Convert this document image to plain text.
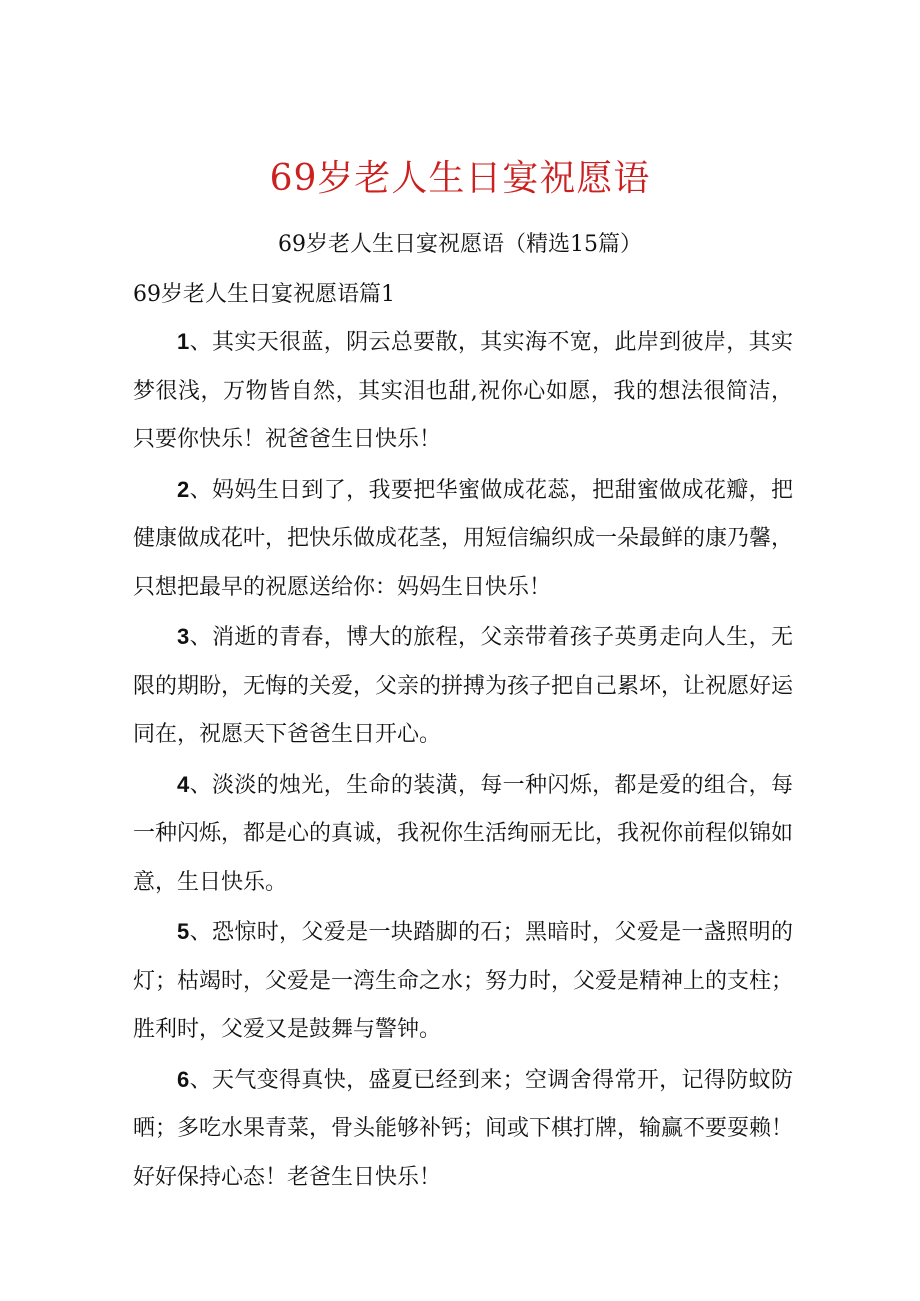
69岁老人生日宴祝愿语
69岁老人生日宴祝愿语（精选15篇）
69岁老人生日宴祝愿语篇1

1、其实天很蓝，阴云总要散，其实海不宽，此岸到彼岸，其实梦很浅，万物皆自然，其实泪也甜,祝你心如愿，我的想法很简洁，只要你快乐！祝爸爸生日快乐！

2、妈妈生日到了，我要把华蜜做成花蕊，把甜蜜做成花瓣，把健康做成花叶，把快乐做成花茎，用短信编织成一朵最鲜的康乃馨，只想把最早的祝愿送给你：妈妈生日快乐！

3、消逝的青春，博大的旅程，父亲带着孩子英勇走向人生，无限的期盼，无悔的关爱，父亲的拼搏为孩子把自己累坏，让祝愿好运同在，祝愿天下爸爸生日开心。

4、淡淡的烛光，生命的装潢，每一种闪烁，都是爱的组合，每一种闪烁，都是心的真诚，我祝你生活绚丽无比，我祝你前程似锦如意，生日快乐。

5、恐惊时，父爱是一块踏脚的石；黑暗时，父爱是一盏照明的灯；枯竭时，父爱是一湾生命之水；努力时，父爱是精神上的支柱；胜利时，父爱又是鼓舞与警钟。

6、天气变得真快，盛夏已经到来；空调舍得常开，记得防蚊防晒；多吃水果青菜，骨头能够补钙；间或下棋打牌，输赢不要耍赖！好好保持心态！老爸生日快乐！
